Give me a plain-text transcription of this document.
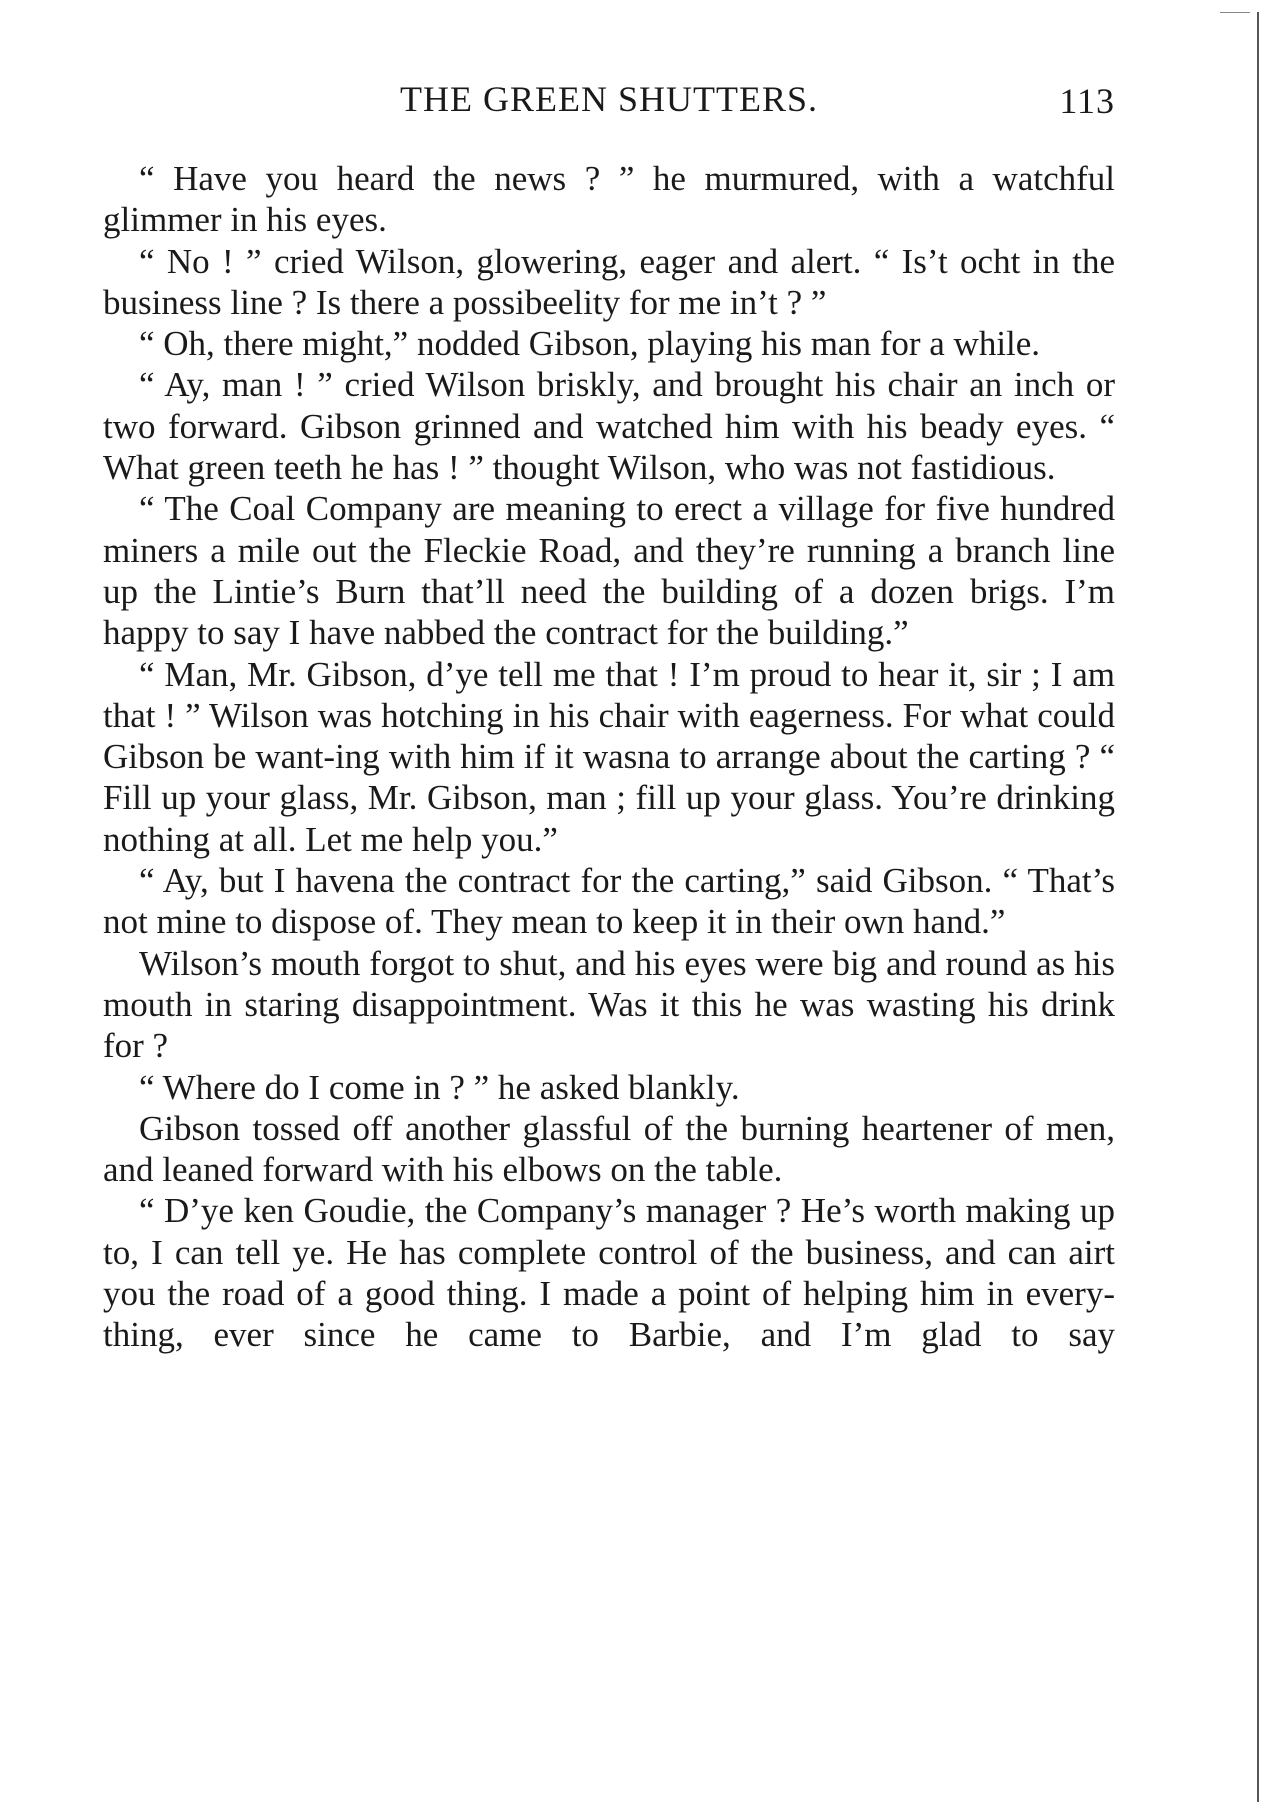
THE GREEN SHUTTERS.	113

“ Have you heard the news ? ” he murmured, with a watchful glimmer in his eyes.

“ No ! ” cried Wilson, glowering, eager and alert. “ Is’t ocht in the business line ? Is there a possibeelity for me in’t ? ”

“ Oh, there might,” nodded Gibson, playing his man for a while.

“ Ay, man ! ” cried Wilson briskly, and brought his chair an inch or two forward. Gibson grinned and watched him with his beady eyes. “ What green teeth he has ! ” thought Wilson, who was not fastidious.

“ The Coal Company are meaning to erect a village for five hundred miners a mile out the Fleckie Road, and they’re running a branch line up the Lintie’s Burn that’ll need the building of a dozen brigs. I’m happy to say I have nabbed the contract for the building.”

“ Man, Mr. Gibson, d’ye tell me that ! I’m proud to hear it, sir ; I am that ! ” Wilson was hotching in his chair with eagerness. For what could Gibson be want-ing with him if it wasna to arrange about the carting ? “ Fill up your glass, Mr. Gibson, man ; fill up your glass. You’re drinking nothing at all. Let me help you.”

“ Ay, but I havena the contract for the carting,” said Gibson. “ That’s not mine to dispose of. They mean to keep it in their own hand.”

Wilson’s mouth forgot to shut, and his eyes were big and round as his mouth in staring disappointment. Was it this he was wasting his drink for ?

“ Where do I come in ? ” he asked blankly.

Gibson tossed off another glassful of the burning heartener of men, and leaned forward with his elbows on the table.

“ D’ye ken Goudie, the Company’s manager ? He’s worth making up to, I can tell ye. He has complete control of the business, and can airt you the road of a good thing. I made a point of helping him in every-thing, ever since he came to Barbie, and I’m glad to say
